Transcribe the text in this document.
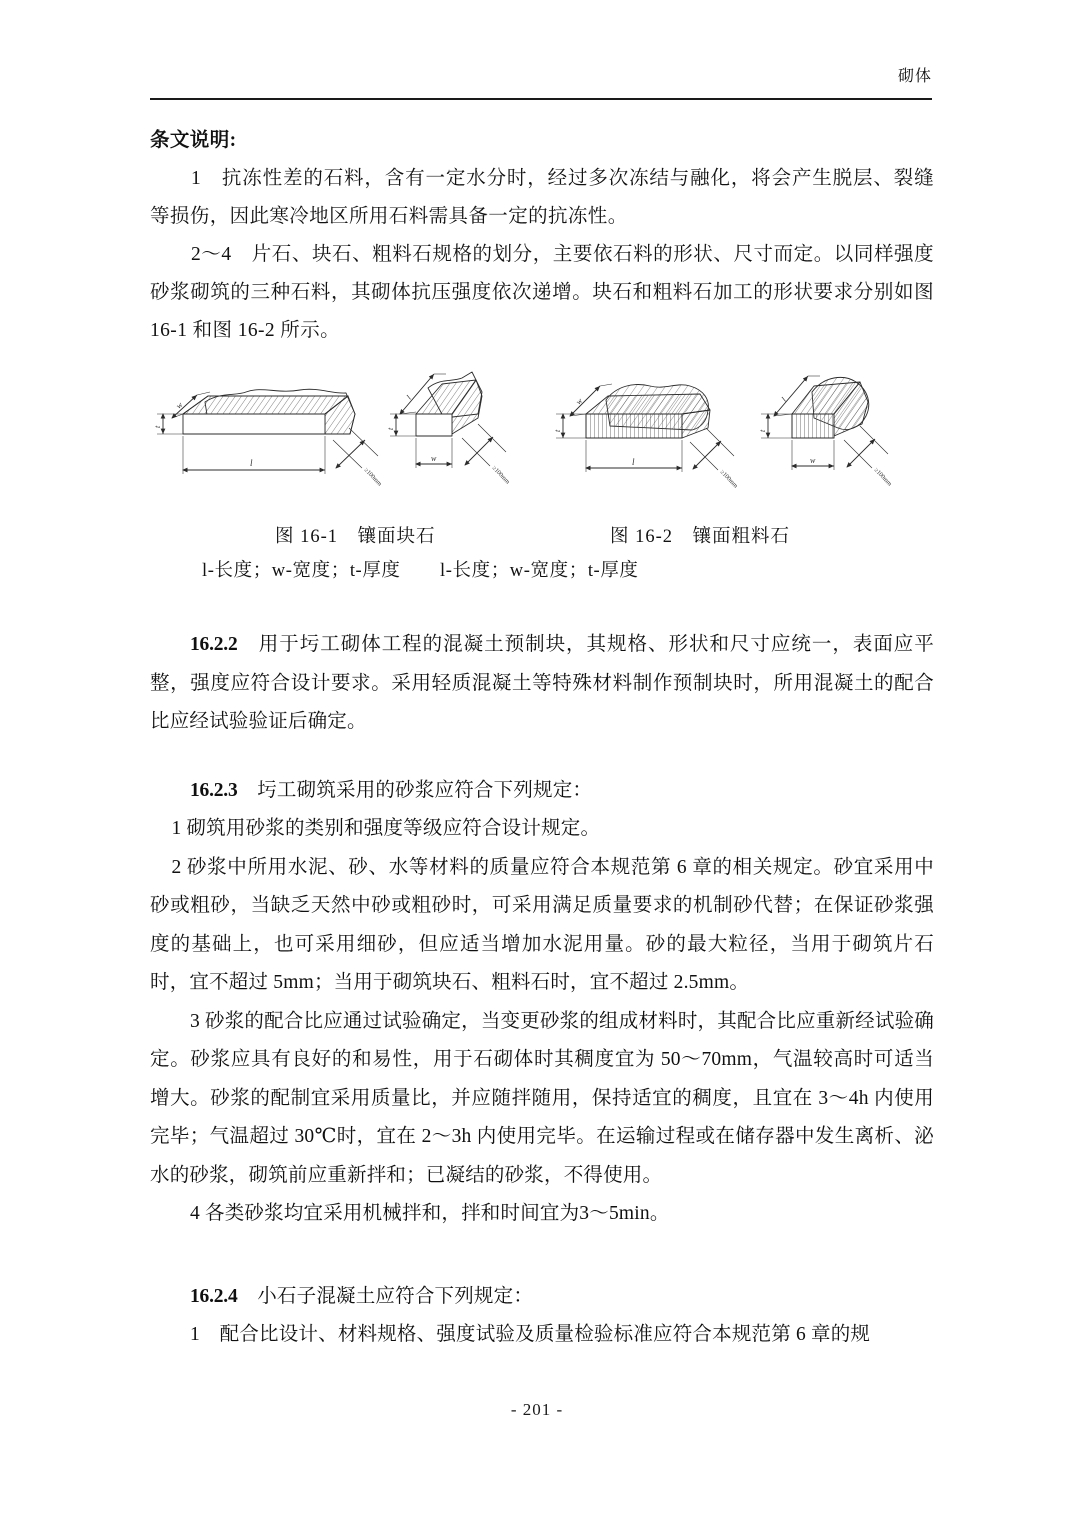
砌体
条文说明:
1　抗冻性差的石料，含有一定水分时，经过多次冻结与融化，将会产生脱层、裂缝等损伤，因此寒冷地区所用石料需具备一定的抗冻性。
2～4　片石、块石、粗料石规格的划分，主要依石料的形状、尺寸而定。以同样强度砂浆砌筑的三种石料，其砌体抗压强度依次递增。块石和粗料石加工的形状要求分别如图 16-1 和图 16-2 所示。
w
t
l
≥100mm
l
t
w
≥100mm
w
t
l
≥100mm
l
t
w
≥100mm
图 16-1　镶面块石	图 16-2　镶面粗料石
l-长度；w-宽度；t-厚度 l-长度；w-宽度；t-厚度
16.2.2　用于圬工砌体工程的混凝土预制块，其规格、形状和尺寸应统一，表面应平整，强度应符合设计要求。采用轻质混凝土等特殊材料制作预制块时，所用混凝土的配合比应经试验验证后确定。
16.2.3　圬工砌筑采用的砂浆应符合下列规定：
1 砌筑用砂浆的类别和强度等级应符合设计规定。
2 砂浆中所用水泥、砂、水等材料的质量应符合本规范第 6 章的相关规定。砂宜采用中砂或粗砂，当缺乏天然中砂或粗砂时，可采用满足质量要求的机制砂代替；在保证砂浆强度的基础上，也可采用细砂，但应适当增加水泥用量。砂的最大粒径，当用于砌筑片石时，宜不超过 5mm；当用于砌筑块石、粗料石时，宜不超过 2.5mm。
3 砂浆的配合比应通过试验确定，当变更砂浆的组成材料时，其配合比应重新经试验确定。砂浆应具有良好的和易性，用于石砌体时其稠度宜为 50～70mm，气温较高时可适当增大。砂浆的配制宜采用质量比，并应随拌随用，保持适宜的稠度，且宜在 3～4h 内使用完毕；气温超过 30℃时，宜在 2～3h 内使用完毕。在运输过程或在储存器中发生离析、泌水的砂浆，砌筑前应重新拌和；已凝结的砂浆，不得使用。
4 各类砂浆均宜采用机械拌和，拌和时间宜为3～5min。
16.2.4　小石子混凝土应符合下列规定：
1　配合比设计、材料规格、强度试验及质量检验标准应符合本规范第 6 章的规
- 201 -
